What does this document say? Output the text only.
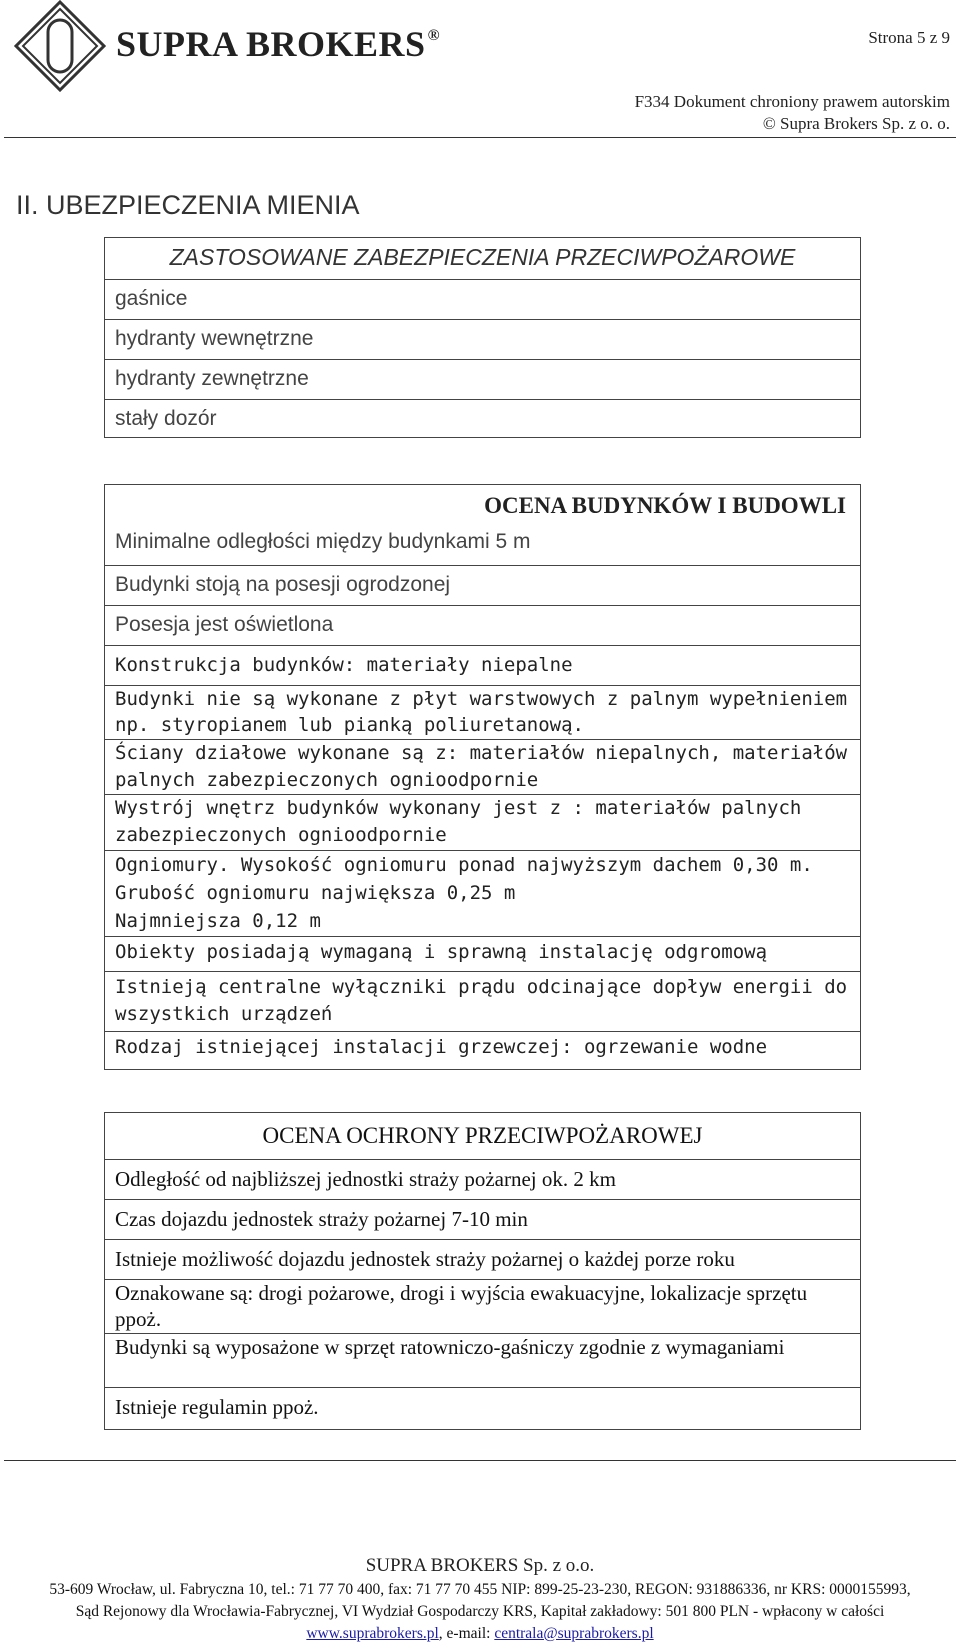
SUPRA BROKERS ®	Strona 5 z 9
F334 Dokument chroniony prawem autorskim
© Supra Brokers Sp. z o. o.
II. UBEZPIECZENIA MIENIA
ZASTOSOWANE ZABEZPIECZENIA PRZECIWPOŻAROWE
gaśnice
hydranty wewnętrzne
hydranty zewnętrzne
stały dozór
OCENA BUDYNKÓW I BUDOWLI
Minimalne odległości między budynkami 5 m
Budynki stoją na posesji ogrodzonej
Posesja jest oświetlona
Konstrukcja budynków: materiały niepalne
Budynki nie są wykonane z płyt warstwowych z palnym wypełnieniem np. styropianem lub pianką poliuretanową.
Ściany działowe wykonane są z: materiałów niepalnych, materiałów palnych zabezpieczonych ognioodpornie
Wystrój wnętrz budynków wykonany jest z : materiałów palnych zabezpieczonych ognioodpornie
Ogniomury. Wysokość ogniomuru ponad najwyższym dachem 0,30 m.
Grubość ogniomuru największa 0,25 m
Najmniejsza 0,12 m
Obiekty posiadają wymaganą i sprawną instalację odgromową
Istnieją centralne wyłączniki prądu odcinające dopływ energii do wszystkich urządzeń
Rodzaj istniejącej instalacji grzewczej: ogrzewanie wodne
OCENA OCHRONY PRZECIWPOŻAROWEJ
Odległość od najbliższej jednostki straży pożarnej ok. 2 km
Czas dojazdu jednostek straży pożarnej 7-10 min
Istnieje możliwość dojazdu jednostek straży pożarnej o każdej porze roku
Oznakowane są: drogi pożarowe, drogi i wyjścia ewakuacyjne, lokalizacje sprzętu ppoż.
Budynki są wyposażone w sprzęt ratowniczo-gaśniczy zgodnie z wymaganiami
Istnieje regulamin ppoż.
SUPRA BROKERS Sp. z o.o.
53-609 Wrocław, ul. Fabryczna 10, tel.: 71 77 70 400, fax: 71 77 70 455 NIP: 899-25-23-230, REGON: 931886336, nr KRS: 0000155993,
Sąd Rejonowy dla Wrocławia-Fabrycznej, VI Wydział Gospodarczy KRS, Kapitał zakładowy: 501 800 PLN - wpłacony w całości
www.suprabrokers.pl, e-mail: centrala@suprabrokers.pl
